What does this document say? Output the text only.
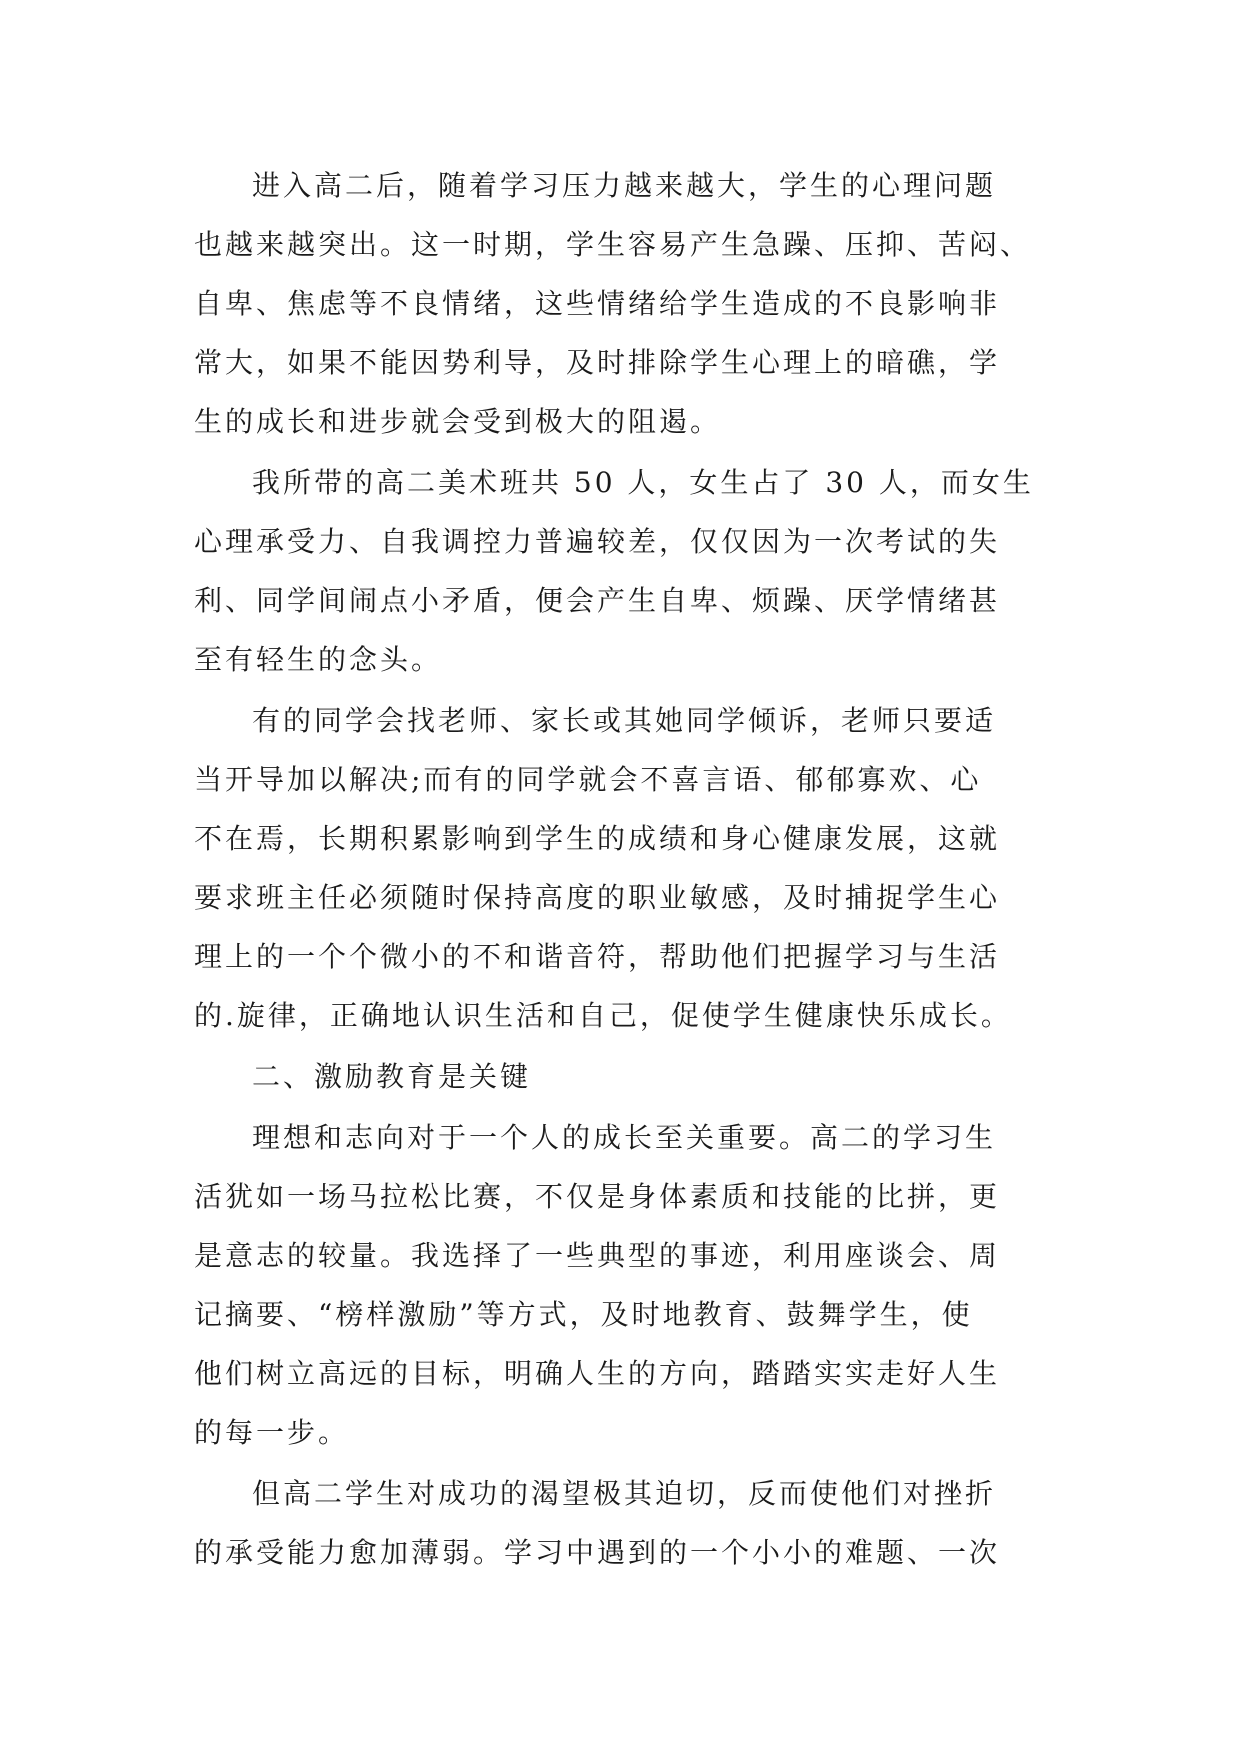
进入高二后，随着学习压力越来越大，学生的心理问题
也越来越突出。这一时期，学生容易产生急躁、压抑、苦闷、
自卑、焦虑等不良情绪，这些情绪给学生造成的不良影响非
常大，如果不能因势利导，及时排除学生心理上的暗礁，学
生的成长和进步就会受到极大的阻遏。
我所带的高二美术班共 50 人，女生占了 30 人，而女生
心理承受力、自我调控力普遍较差，仅仅因为一次考试的失
利、同学间闹点小矛盾，便会产生自卑、烦躁、厌学情绪甚
至有轻生的念头。
有的同学会找老师、家长或其她同学倾诉，老师只要适
当开导加以解决;而有的同学就会不喜言语、郁郁寡欢、心
不在焉，长期积累影响到学生的成绩和身心健康发展，这就
要求班主任必须随时保持高度的职业敏感，及时捕捉学生心
理上的一个个微小的不和谐音符，帮助他们把握学习与生活
的.旋律，正确地认识生活和自己，促使学生健康快乐成长。
二、激励教育是关键
理想和志向对于一个人的成长至关重要。高二的学习生
活犹如一场马拉松比赛，不仅是身体素质和技能的比拼，更
是意志的较量。我选择了一些典型的事迹，利用座谈会、周
记摘要、“榜样激励”等方式，及时地教育、鼓舞学生，使
他们树立高远的目标，明确人生的方向，踏踏实实走好人生
的每一步。
但高二学生对成功的渴望极其迫切，反而使他们对挫折
的承受能力愈加薄弱。学习中遇到的一个小小的难题、一次
